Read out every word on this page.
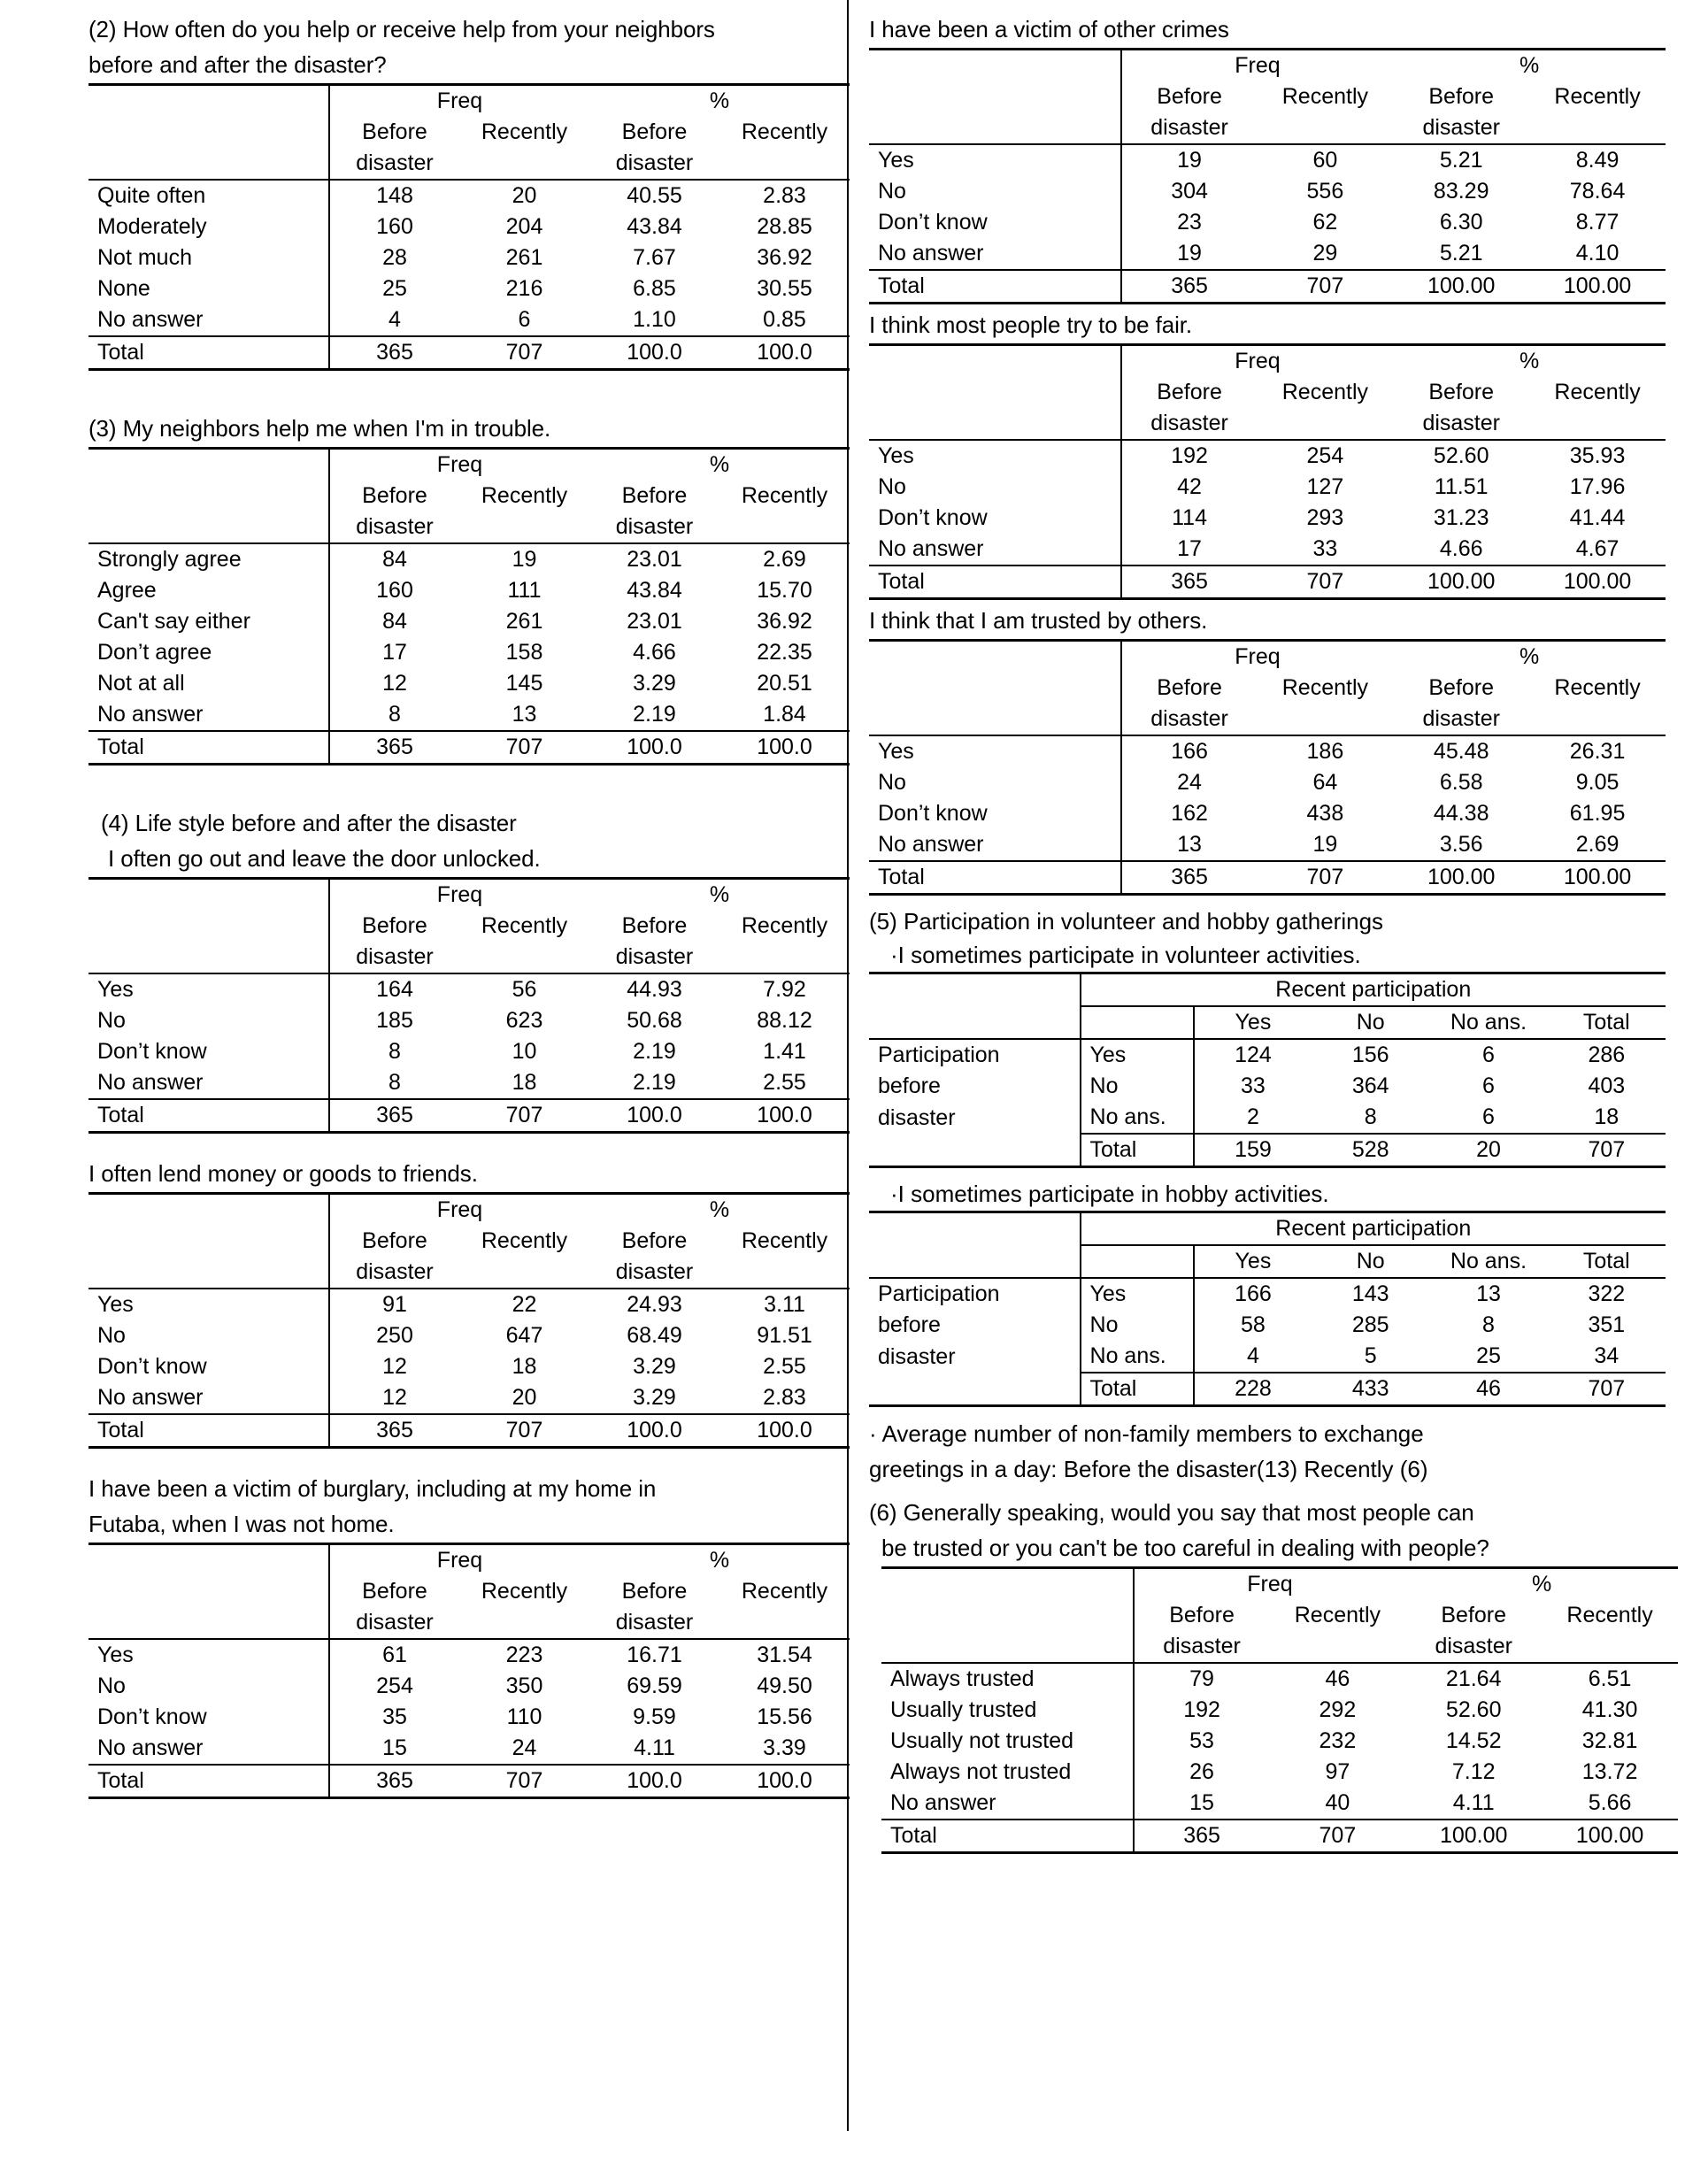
(2) How often do you help or receive help from your neighbors

before and after the disaster?

	Freq		%	
	Before	Recently	Before	Recently
	disaster		disaster	
Quite often	148	20	40.55	2.83
Moderately	160	204	43.84	28.85
Not much	28	261	7.67	36.92
None	25	216	6.85	30.55
No answer	4	6	1.10	0.85
Total	365	707	100.0	100.0

(3) My neighbors help me when I'm in trouble.

	Freq		%	
	Before	Recently	Before	Recently
	disaster		disaster	
Strongly agree	84	19	23.01	2.69
Agree	160	111	43.84	15.70
Can't say either	84	261	23.01	36.92
Don’t agree	17	158	4.66	22.35
Not at all	12	145	3.29	20.51
No answer	8	13	2.19	1.84
Total	365	707	100.0	100.0

(4) Life style before and after the disaster

I often go out and leave the door unlocked.

	Freq		%	
	Before	Recently	Before	Recently
	disaster		disaster	
Yes	164	56	44.93	7.92
No	185	623	50.68	88.12
Don’t know	8	10	2.19	1.41
No answer	8	18	2.19	2.55
Total	365	707	100.0	100.0

I often lend money or goods to friends.

	Freq		%	
	Before	Recently	Before	Recently
	disaster		disaster	
Yes	91	22	24.93	3.11
No	250	647	68.49	91.51
Don’t know	12	18	3.29	2.55
No answer	12	20	3.29	2.83
Total	365	707	100.0	100.0

I have been a victim of burglary, including at my home in

Futaba, when I was not home.

	Freq		%	
	Before	Recently	Before	Recently
	disaster		disaster	
Yes	61	223	16.71	31.54
No	254	350	69.59	49.50
Don’t know	35	110	9.59	15.56
No answer	15	24	4.11	3.39
Total	365	707	100.0	100.0

I have been a victim of other crimes

	Freq		%	
	Before	Recently	Before	Recently
	disaster		disaster	
Yes	19	60	5.21	8.49
No	304	556	83.29	78.64
Don’t know	23	62	6.30	8.77
No answer	19	29	5.21	4.10
Total	365	707	100.00	100.00

I think most people try to be fair.

	Freq		%	
	Before	Recently	Before	Recently
	disaster		disaster	
Yes	192	254	52.60	35.93
No	42	127	11.51	17.96
Don’t know	114	293	31.23	41.44
No answer	17	33	4.66	4.67
Total	365	707	100.00	100.00

I think that I am trusted by others.

	Freq		%	
	Before	Recently	Before	Recently
	disaster		disaster	
Yes	166	186	45.48	26.31
No	24	64	6.58	9.05
Don’t know	162	438	44.38	61.95
No answer	13	19	3.56	2.69
Total	365	707	100.00	100.00

(5) Participation in volunteer and hobby gatherings

·I sometimes participate in volunteer activities.

	Recent participation				
		Yes	No	No ans.	Total
Participation	Yes	124	156	6	286
before	No	33	364	6	403
disaster	No ans.	2	8	6	18
	Total	159	528	20	707

·I sometimes participate in hobby activities.

	Recent participation				
		Yes	No	No ans.	Total
Participation	Yes	166	143	13	322
before	No	58	285	8	351
disaster	No ans.	4	5	25	34
	Total	228	433	46	707

· Average number of non-family members to exchange

greetings in a day: Before the disaster(13) Recently (6)

(6) Generally speaking, would you say that most people can

be trusted or you can't be too careful in dealing with people?

	Freq		%	
	Before	Recently	Before	Recently
	disaster		disaster	
Always trusted	79	46	21.64	6.51
Usually trusted	192	292	52.60	41.30
Usually not trusted	53	232	14.52	32.81
Always not trusted	26	97	7.12	13.72
No answer	15	40	4.11	5.66
Total	365	707	100.00	100.00
